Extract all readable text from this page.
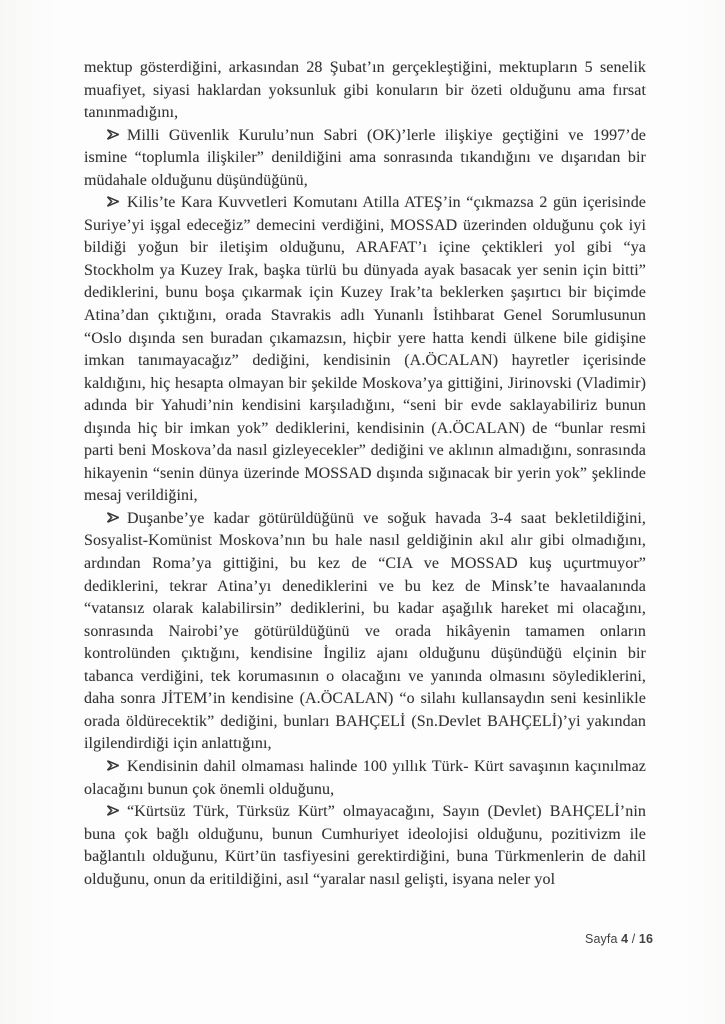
mektup gösterdiğini, arkasından 28 Şubat’ın gerçekleştiğini, mektupların 5 senelik muafiyet, siyasi haklardan yoksunluk gibi konuların bir özeti olduğunu ama fırsat tanınmadığını,

Milli Güvenlik Kurulu’nun Sabri (OK)’lerle ilişkiye geçtiğini ve 1997’de ismine “toplumla ilişkiler” denildiğini ama sonrasında tıkandığını ve dışarıdan bir müdahale olduğunu düşündüğünü,

Kilis’te Kara Kuvvetleri Komutanı Atilla ATEŞ’in “çıkmazsa 2 gün içerisinde Suriye’yi işgal edeceğiz” demecini verdiğini, MOSSAD üzerinden olduğunu çok iyi bildiği yoğun bir iletişim olduğunu, ARAFAT’ı içine çektikleri yol gibi “ya Stockholm ya Kuzey Irak, başka türlü bu dünyada ayak basacak yer senin için bitti” dediklerini, bunu boşa çıkarmak için Kuzey Irak’ta beklerken şaşırtıcı bir biçimde Atina’dan çıktığını, orada Stavrakis adlı Yunanlı İstihbarat Genel Sorumlusunun “Oslo dışında sen buradan çıkamazsın, hiçbir yere hatta kendi ülkene bile gidişine imkan tanımayacağız” dediğini, kendisinin (A.ÖCALAN) hayretler içerisinde kaldığını, hiç hesapta olmayan bir şekilde Moskova’ya gittiğini, Jirinovski (Vladimir) adında bir Yahudi’nin kendisini karşıladığını, “seni bir evde saklayabiliriz bunun dışında hiç bir imkan yok” dediklerini, kendisinin (A.ÖCALAN) de “bunlar resmi parti beni Moskova’da nasıl gizleyecekler” dediğini ve aklının almadığını, sonrasında hikayenin “senin dünya üzerinde MOSSAD dışında sığınacak bir yerin yok” şeklinde mesaj verildiğini,

Duşanbe’ye kadar götürüldüğünü ve soğuk havada 3-4 saat bekletildiğini, Sosyalist-Komünist Moskova’nın bu hale nasıl geldiğinin akıl alır gibi olmadığını, ardından Roma’ya gittiğini, bu kez de “CIA ve MOSSAD kuş uçurtmuyor” dediklerini, tekrar Atina’yı denediklerini ve bu kez de Minsk’te havaalanında “vatansız olarak kalabilirsin” dediklerini, bu kadar aşağılık hareket mi olacağını, sonrasında Nairobi’ye götürüldüğünü ve orada hikâyenin tamamen onların kontrolünden çıktığını, kendisine İngiliz ajanı olduğunu düşündüğü elçinin bir tabanca verdiğini, tek korumasının o olacağını ve yanında olmasını söylediklerini, daha sonra JİTEM’in kendisine (A.ÖCALAN) “o silahı kullansaydın seni kesinlikle orada öldürecektik” dediğini, bunları BAHÇELİ (Sn.Devlet BAHÇELİ)’yi yakından ilgilendirdiği için anlattığını,

Kendisinin dahil olmaması halinde 100 yıllık Türk- Kürt savaşının kaçınılmaz olacağını bunun çok önemli olduğunu,

“Kürtsüz Türk, Türksüz Kürt” olmayacağını, Sayın (Devlet) BAHÇELİ’nin buna çok bağlı olduğunu, bunun Cumhuriyet ideolojisi olduğunu, pozitivizm ile bağlantılı olduğunu, Kürt’ün tasfiyesini gerektirdiğini, buna Türkmenlerin de dahil olduğunu, onun da eritildiğini, asıl “yaralar nasıl gelişti, isyana neler yol

Sayfa 4 / 16
